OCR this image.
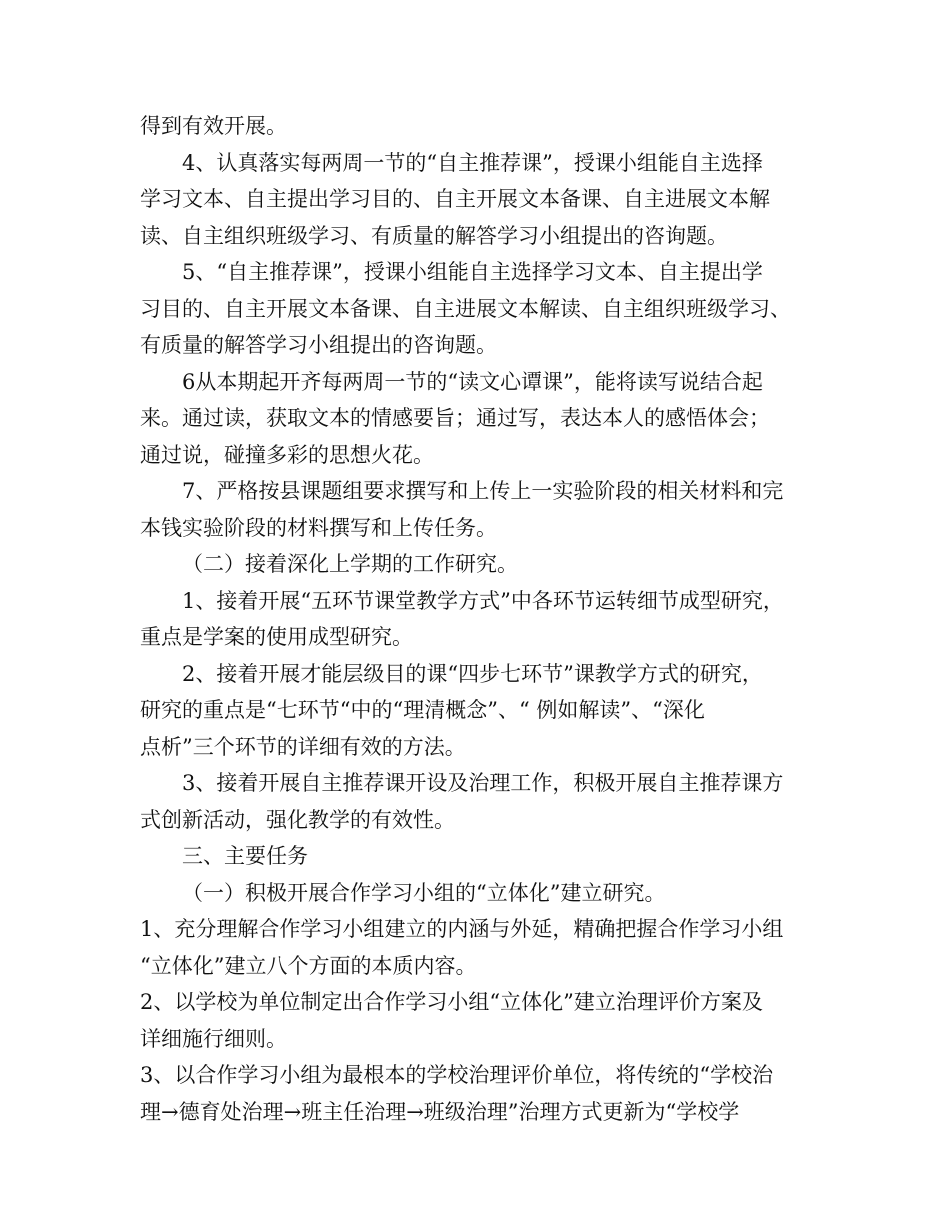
得到有效开展。
4、认真落实每两周一节的“自主推荐课”，授课小组能自主选择
学习文本、自主提出学习目的、自主开展文本备课、自主进展文本解
读、自主组织班级学习、有质量的解答学习小组提出的咨询题。
5、“自主推荐课”，授课小组能自主选择学习文本、自主提出学
习目的、自主开展文本备课、自主进展文本解读、自主组织班级学习、
有质量的解答学习小组提出的咨询题。
6从本期起开齐每两周一节的“读文心谭课”，能将读写说结合起
来。通过读，获取文本的情感要旨；通过写，表达本人的感悟体会；
通过说，碰撞多彩的思想火花。
7、严格按县课题组要求撰写和上传上一实验阶段的相关材料和完
本钱实验阶段的材料撰写和上传任务。
（二）接着深化上学期的工作研究。
1、接着开展“五环节课堂教学方式”中各环节运转细节成型研究，
重点是学案的使用成型研究。
2、接着开展才能层级目的课“四步七环节”课教学方式的研究，
研究的重点是“七环节“中的“理清概念”、“ 例如解读”、“深化
点析”三个环节的详细有效的方法。
3、接着开展自主推荐课开设及治理工作，积极开展自主推荐课方
式创新活动，强化教学的有效性。
三、主要任务
（一）积极开展合作学习小组的“立体化”建立研究。
1、充分理解合作学习小组建立的内涵与外延，精确把握合作学习小组
“立体化”建立八个方面的本质内容。
2、以学校为单位制定出合作学习小组“立体化”建立治理评价方案及
详细施行细则。
3、以合作学习小组为最根本的学校治理评价单位，将传统的“学校治
理→德育处治理→班主任治理→班级治理”治理方式更新为“学校学
